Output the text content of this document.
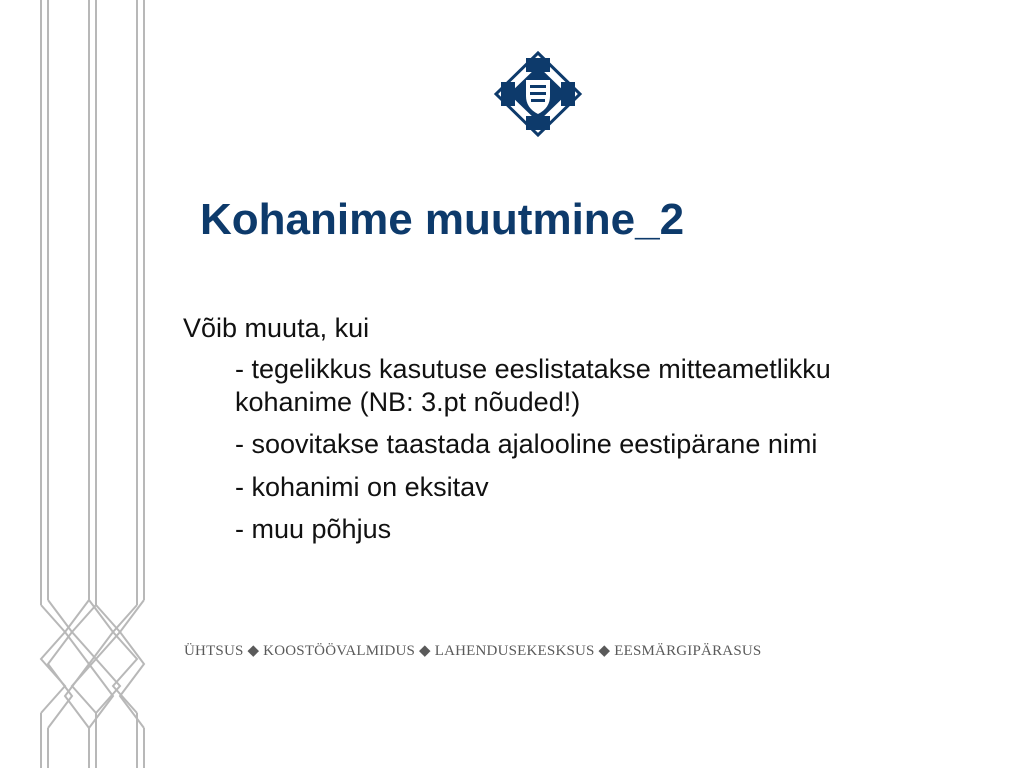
Kohanime muutmine_2

Võib muuta, kui

- tegelikkus kasutuse eeslistatakse mitteametlikku kohanime (NB: 3.pt nõuded!)
- soovitakse taastada ajalooline eestipärane nimi
- kohanimi on eksitav
- muu põhjus
ÜHTSUS ◆ KOOSTÖÖVALMIDUS ◆ LAHENDUSEKESKSUS ◆ EESMÄRGIPÄRASUS
